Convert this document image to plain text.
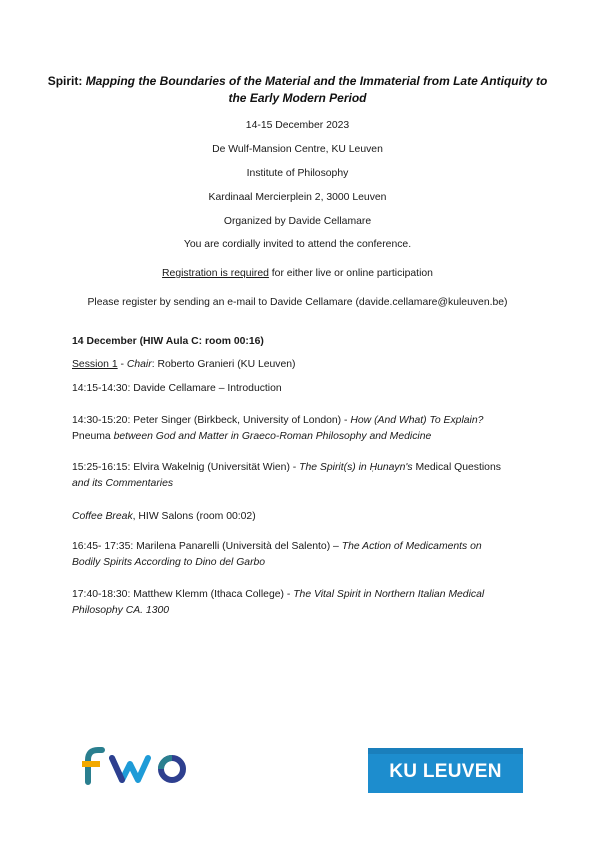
Spirit: Mapping the Boundaries of the Material and the Immaterial from Late Antiquity to the Early Modern Period
14-15 December 2023
De Wulf-Mansion Centre, KU Leuven
Institute of Philosophy
Kardinaal Mercierplein 2, 3000 Leuven
Organized by Davide Cellamare
You are cordially invited to attend the conference.
Registration is required for either live or online participation
Please register by sending an e-mail to Davide Cellamare (davide.cellamare@kuleuven.be)
14 December (HIW Aula C: room 00:16)
Session 1 - Chair: Roberto Granieri (KU Leuven)
14:15-14:30: Davide Cellamare – Introduction
14:30-15:20: Peter Singer (Birkbeck, University of London) - How (And What) To Explain?
Pneuma between God and Matter in Graeco-Roman Philosophy and Medicine
15:25-16:15: Elvira Wakelnig (Universität Wien) - The Spirit(s) in Ḥunayn's Medical Questions
and its Commentaries
Coffee Break, HIW Salons (room 00:02)
16:45- 17:35: Marilena Panarelli (Università del Salento) – The Action of Medicaments on
Bodily Spirits According to Dino del Garbo
17:40-18:30: Matthew Klemm (Ithaca College) - The Vital Spirit in Northern Italian Medical
Philosophy CA. 1300
KU LEUVEN
